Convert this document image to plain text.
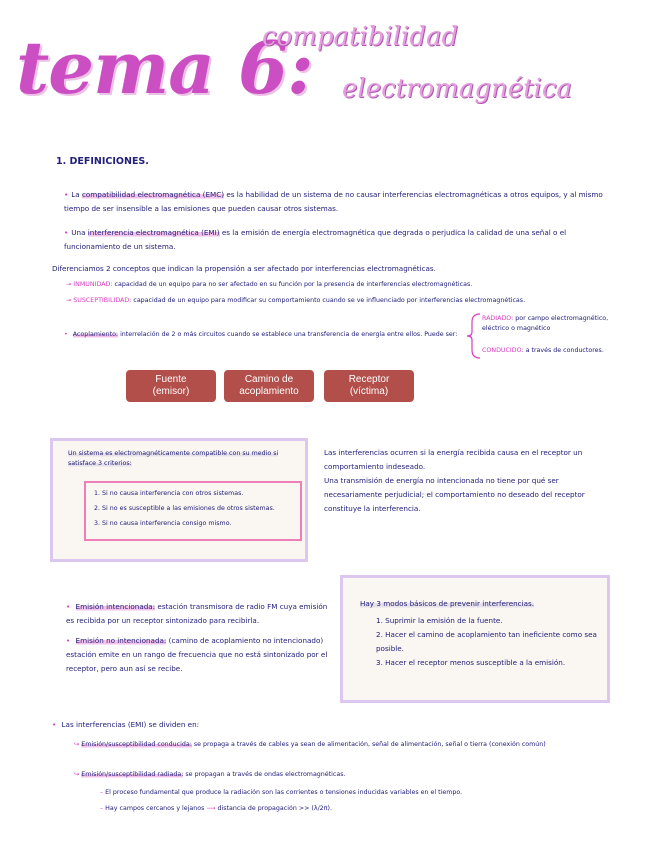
tema 6:
compatibilidad
electromagnética
1. DEFINICIONES.
• La compatibilidad electromagnética (EMC) es la habilidad de un sistema de no causar interferencias electromagnéticas a otros equipos, y al mismo tiempo de ser insensible a las emisiones que pueden causar otros sistemas.
• Una interferencia electromagnética (EMI) es la emisión de energía electromagnética que degrada o perjudica la calidad de una señal o el funcionamiento de un sistema.
Diferenciamos 2 conceptos que indican la propensión a ser afectado por interferencias electromagnéticas.
→ INMUNIDAD: capacidad de un equipo para no ser afectado en su función por la presencia de interferencias electromagnéticas.
→ SUSCEPTIBILIDAD: capacidad de un equipo para modificar su comportamiento cuando se ve influenciado por interferencias electromagnéticas.
• Acoplamiento: interrelación de 2 o más circuitos cuando se establece una transferencia de energía entre ellos. Puede ser:
RADIADO: por campo electromagnético, eléctrico o magnético
CONDUCIDO: a través de conductores.
Fuente
(emisor)
Camino de
acoplamiento
Receptor
(víctima)
Un sistema es electromagnéticamente compatible con su medio si satisface 3 criterios:
1. Si no causa interferencia con otros sistemas.
2. Si no es susceptible a las emisiones de otros sistemas.
3. Si no causa interferencia consigo mismo.
Las interferencias ocurren si la energía recibida causa en el receptor un comportamiento indeseado.
Una transmisión de energía no intencionada no tiene por qué ser necesariamente perjudicial; el comportamiento no deseado del receptor constituye la interferencia.
• Emisión intencionada: estación transmisora de radio FM cuya emisión es recibida por un receptor sintonizado para recibirla.
• Emisión no intencionada: (camino de acoplamiento no intencionado) estación emite en un rango de frecuencia que no está sintonizado por el receptor, pero aun así se recibe.
Hay 3 modos básicos de prevenir interferencias.
1. Suprimir la emisión de la fuente.
2. Hacer el camino de acoplamiento tan ineficiente como sea posible.
3. Hacer el receptor menos susceptible a la emisión.
• Las interferencias (EMI) se dividen en:
↪ Emisión/susceptibilidad conducida: se propaga a través de cables ya sean de alimentación, señal de alimentación, señal o tierra (conexión común)
↪ Emisión/susceptibilidad radiada: se propagan a través de ondas electromagnéticas.
– El proceso fundamental que produce la radiación son las corrientes o tensiones inducidas variables en el tiempo.
– Hay campos cercanos y lejanos ⟶ distancia de propagación >> (λ/2π).
